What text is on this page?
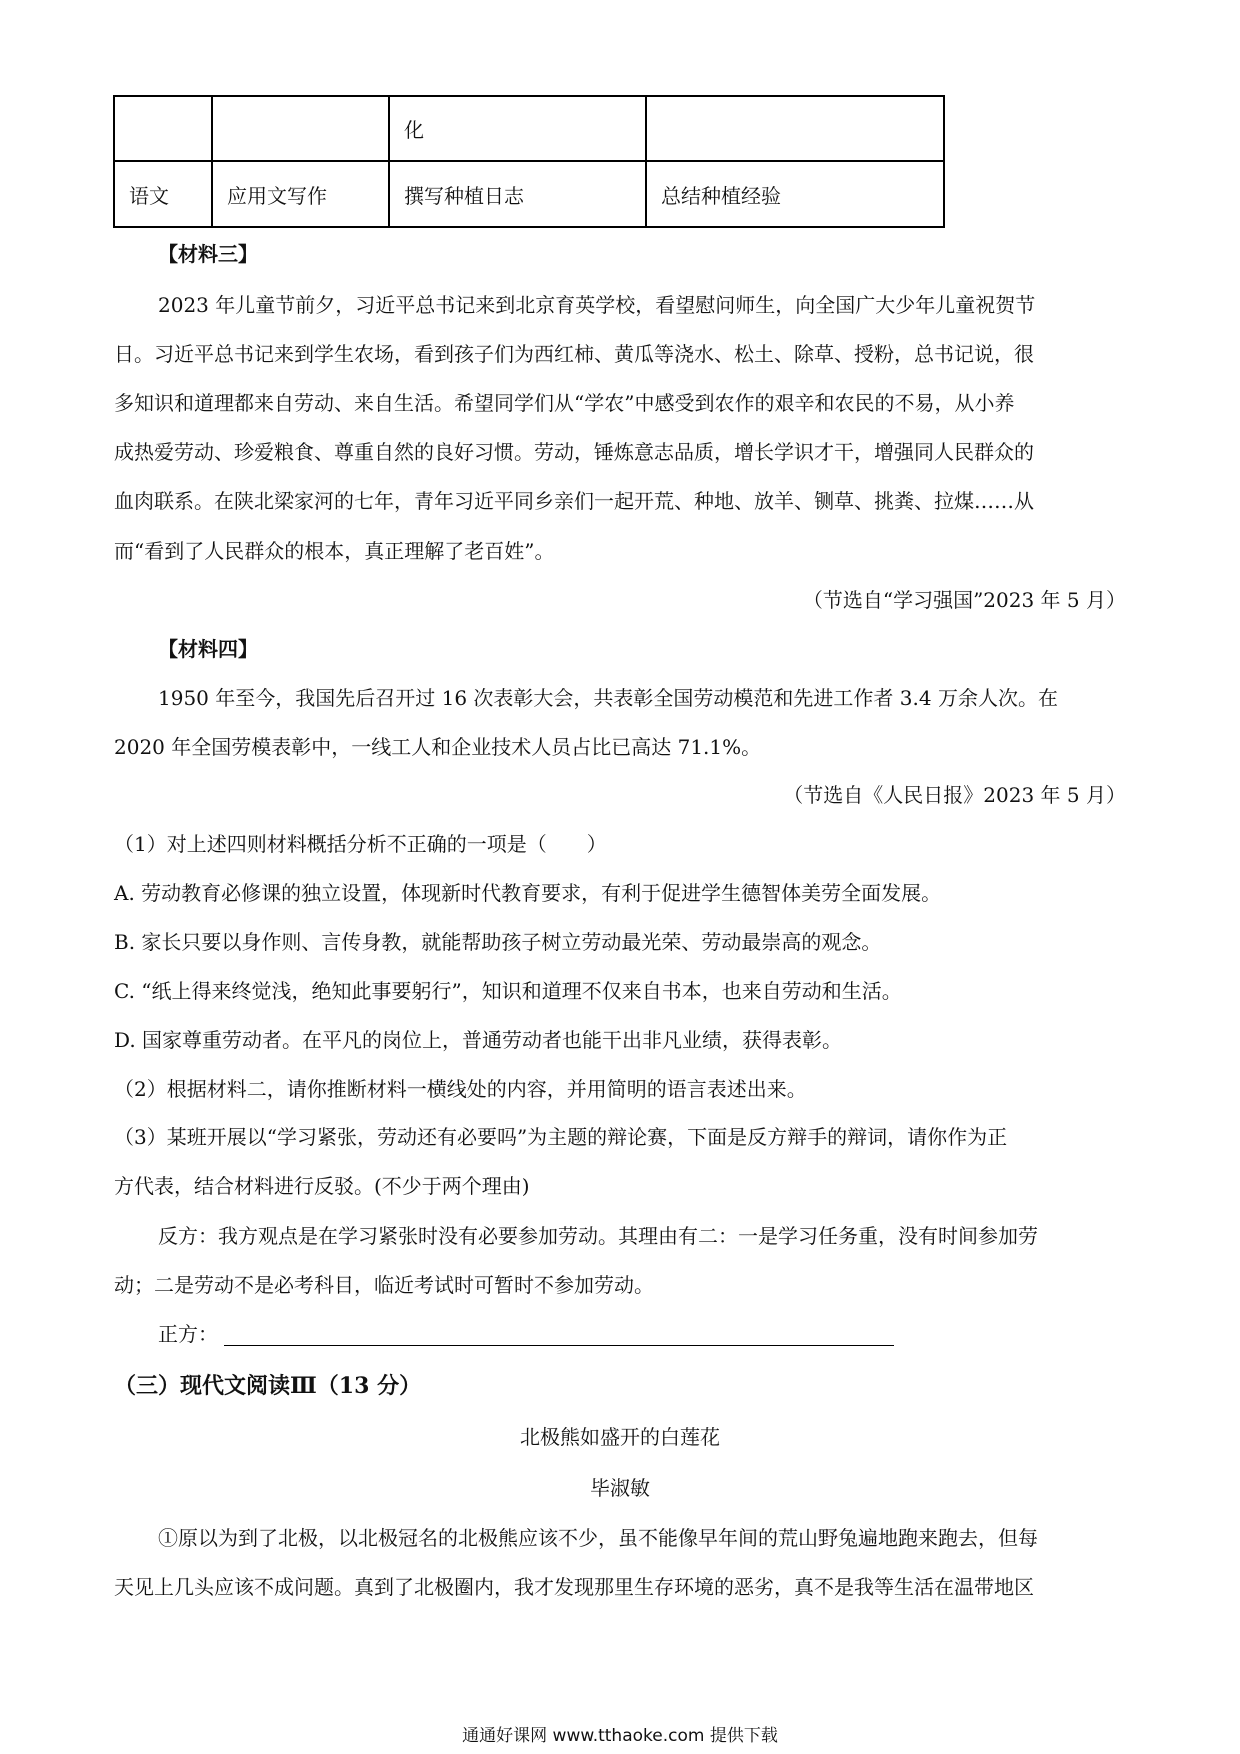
		化	
语文	应用文写作	撰写种植日志	总结种植经验
【材料三】
2023 年儿童节前夕，习近平总书记来到北京育英学校，看望慰问师生，向全国广大少年儿童祝贺节
日。习近平总书记来到学生农场，看到孩子们为西红柿、黄瓜等浇水、松土、除草、授粉，总书记说，很
多知识和道理都来自劳动、来自生活。希望同学们从“学农”中感受到农作的艰辛和农民的不易，从小养
成热爱劳动、珍爱粮食、尊重自然的良好习惯。劳动，锤炼意志品质，增长学识才干，增强同人民群众的
血肉联系。在陕北梁家河的七年，青年习近平同乡亲们一起开荒、种地、放羊、铡草、挑粪、拉煤……从
而“看到了人民群众的根本，真正理解了老百姓”。
（节选自“学习强国”2023 年 5 月）
【材料四】
1950 年至今，我国先后召开过 16 次表彰大会，共表彰全国劳动模范和先进工作者 3.4 万余人次。在
2020 年全国劳模表彰中，一线工人和企业技术人员占比已高达 71.1%。
（节选自《人民日报》2023 年 5 月）
（1）对上述四则材料概括分析不正确的一项是（　　）
A. 劳动教育必修课的独立设置，体现新时代教育要求，有利于促进学生德智体美劳全面发展。
B. 家长只要以身作则、言传身教，就能帮助孩子树立劳动最光荣、劳动最崇高的观念。
C. “纸上得来终觉浅，绝知此事要躬行”，知识和道理不仅来自书本，也来自劳动和生活。
D. 国家尊重劳动者。在平凡的岗位上，普通劳动者也能干出非凡业绩，获得表彰。
（2）根据材料二，请你推断材料一横线处的内容，并用简明的语言表述出来。
（3）某班开展以“学习紧张，劳动还有必要吗”为主题的辩论赛，下面是反方辩手的辩词，请你作为正
方代表，结合材料进行反驳。(不少于两个理由)
反方：我方观点是在学习紧张时没有必要参加劳动。其理由有二：一是学习任务重，没有时间参加劳
动；二是劳动不是必考科目，临近考试时可暂时不参加劳动。
正方：
（三）现代文阅读Ⅲ（13 分）
北极熊如盛开的白莲花
毕淑敏
①原以为到了北极，以北极冠名的北极熊应该不少，虽不能像早年间的荒山野兔遍地跑来跑去，但每
天见上几头应该不成问题。真到了北极圈内，我才发现那里生存环境的恶劣，真不是我等生活在温带地区
通通好课网 www.tthaoke.com 提供下载
